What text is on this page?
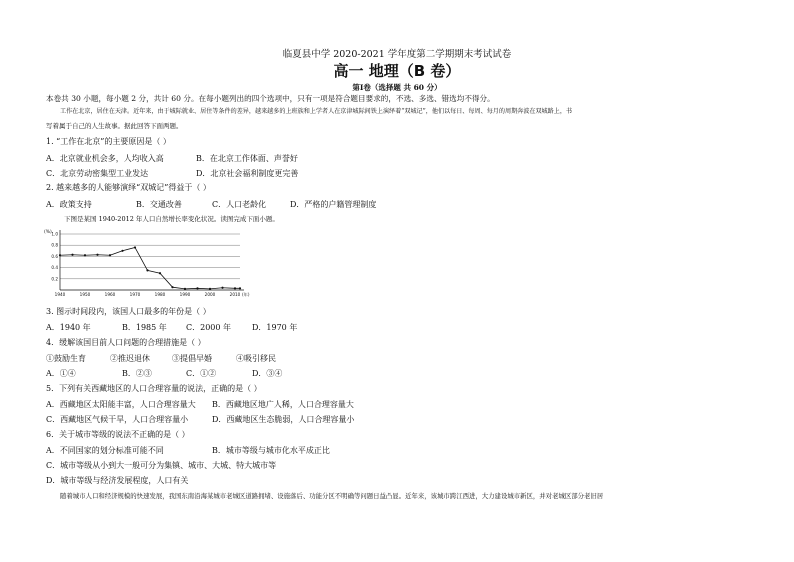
临夏县中学 2020-2021 学年度第二学期期末考试试卷
高一 地理（B 卷）
第Ⅰ卷（选择题 共 60 分）
本卷共 30 小题，每小题 2 分，共计 60 分。在每小题列出的四个选项中，只有一项是符合题目要求的，不选、多选、错选均不得分。
工作在北京，居住在天津。近年来，由于城际就业、居住等条件的差异，越来越多的上班族和上学者人在京津城际间铁上演绎着“双城记”，他们以每日、每周、每月的周期奔波在双城路上，书
写着属于自己的人生故事。据此回答下面两题。
1. “工作在北京”的主要原因是（ ）
A．北京就业机会多，人均收入高	B．在北京工作体面、声誉好
C．北京劳动密集型工业发达	D．北京社会福利制度更完善
2. 越来越多的人能够演绎“双城记”得益于（ ）
A．政策支持	B．交通改善	C．人口老龄化	D．严格的户籍管理制度
下图是某国 1940-2012 年人口自然增长率变化状况。读图完成下面小题。
(%)
0.2
0.4
0.6
0.8
1.0
1940	1950	1960	1970	1980	1990	2000	2010 (年)
3. 图示时间段内，该国人口最多的年份是（ ）
A．1940 年	B．1985 年 C．2000 年	D．1970 年
4．缓解该国目前人口问题的合理措施是（ ）
①鼓励生育	②推迟退休	③提倡早婚	④吸引移民
A．①④	B．②③	C．①②	D．③④
5．下列有关西藏地区的人口合理容量的说法，正确的是（ ）
A．西藏地区太阳能丰富，人口合理容量大 B．西藏地区地广人稀，人口合理容量大
C．西藏地区气候干旱，人口合理容量小	D．西藏地区生态脆弱，人口合理容量小
6．关于城市等级的说法不正确的是（ ）
A．不同国家的划分标准可能不同	B．城市等级与城市化水平成正比
C．城市等级从小到大一般可分为集镇、城市、大城、特大城市等
D．城市等级与经济发展程度，人口有关
随着城市人口和经济规模的快速发展，我国东南沿海某城市老城区道路拥堵、设施落后、功能分区不明确等问题日益凸显。近年来，该城市跨江西进，大力建设城市新区，并对老城区部分老旧居
